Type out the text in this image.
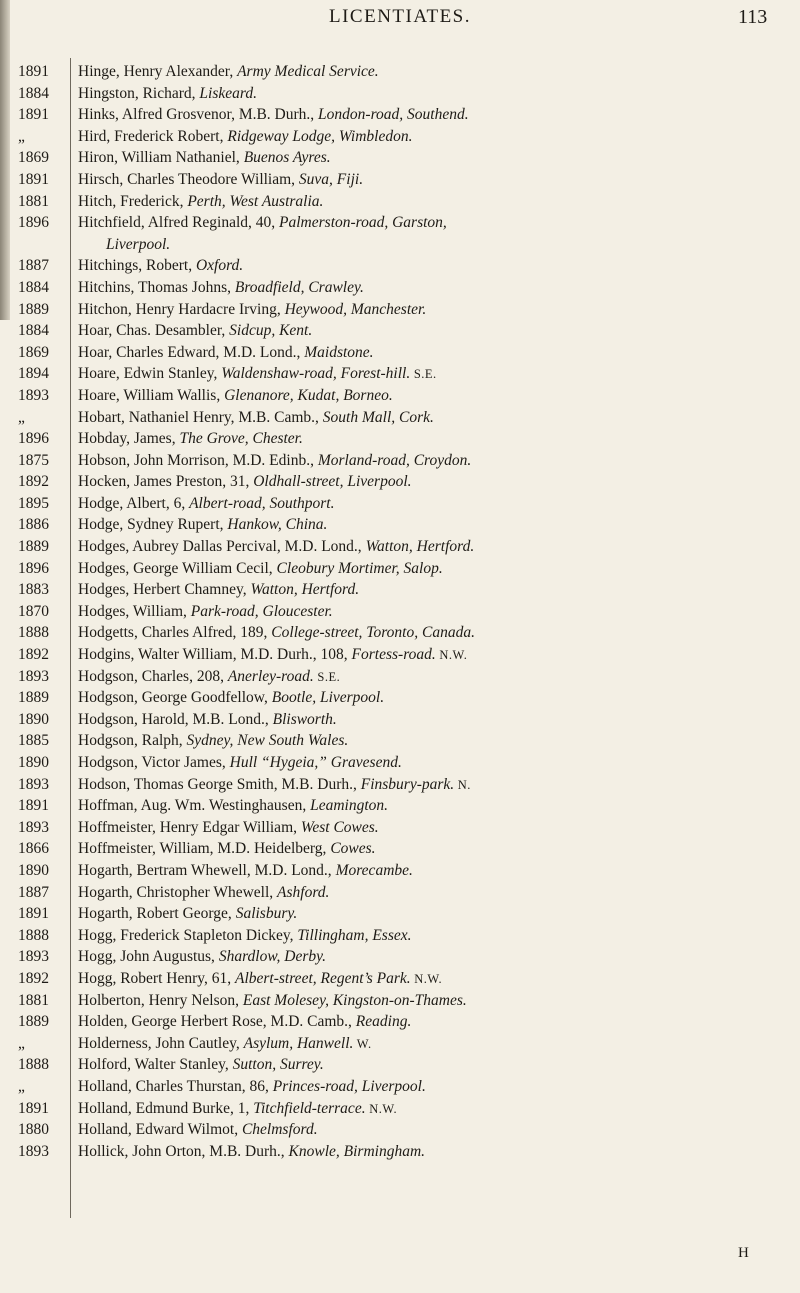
LICENTIATES.	113
1891
1884
1891
„
1869
1891
1881
1896
1887
1884
1889
1884
1869
1894
1893
„
1896
1875
1892
1895
1886
1889
1896
1883
1870
1888
1892
1893
1889
1890
1885
1890
1893
1891
1893
1866
1890
1887
1891
1888
1893
1892
1881
1889
„
1888
„
1891
1880
1893
Hinge, Henry Alexander, Army Medical Service.
Hingston, Richard, Liskeard.
Hinks, Alfred Grosvenor, M.B. Durh., London-road, Southend.
Hird, Frederick Robert, Ridgeway Lodge, Wimbledon.
Hiron, William Nathaniel, Buenos Ayres.
Hirsch, Charles Theodore William, Suva, Fiji.
Hitch, Frederick, Perth, West Australia.
Hitchfield, Alfred Reginald, 40, Palmerston-road, Garston,
Liverpool.
Hitchings, Robert, Oxford.
Hitchins, Thomas Johns, Broadfield, Crawley.
Hitchon, Henry Hardacre Irving, Heywood, Manchester.
Hoar, Chas. Desambler, Sidcup, Kent.
Hoar, Charles Edward, M.D. Lond., Maidstone.
Hoare, Edwin Stanley, Waldenshaw-road, Forest-hill. S.E.
Hoare, William Wallis, Glenanore, Kudat, Borneo.
Hobart, Nathaniel Henry, M.B. Camb., South Mall, Cork.
Hobday, James, The Grove, Chester.
Hobson, John Morrison, M.D. Edinb., Morland-road, Croydon.
Hocken, James Preston, 31, Oldhall-street, Liverpool.
Hodge, Albert, 6, Albert-road, Southport.
Hodge, Sydney Rupert, Hankow, China.
Hodges, Aubrey Dallas Percival, M.D. Lond., Watton, Hertford.
Hodges, George William Cecil, Cleobury Mortimer, Salop.
Hodges, Herbert Chamney, Watton, Hertford.
Hodges, William, Park-road, Gloucester.
Hodgetts, Charles Alfred, 189, College-street, Toronto, Canada.
Hodgins, Walter William, M.D. Durh., 108, Fortess-road. N.W.
Hodgson, Charles, 208, Anerley-road. S.E.
Hodgson, George Goodfellow, Bootle, Liverpool.
Hodgson, Harold, M.B. Lond., Blisworth.
Hodgson, Ralph, Sydney, New South Wales.
Hodgson, Victor James, Hull “Hygeia,” Gravesend.
Hodson, Thomas George Smith, M.B. Durh., Finsbury-park. N.
Hoffman, Aug. Wm. Westinghausen, Leamington.
Hoffmeister, Henry Edgar William, West Cowes.
Hoffmeister, William, M.D. Heidelberg, Cowes.
Hogarth, Bertram Whewell, M.D. Lond., Morecambe.
Hogarth, Christopher Whewell, Ashford.
Hogarth, Robert George, Salisbury.
Hogg, Frederick Stapleton Dickey, Tillingham, Essex.
Hogg, John Augustus, Shardlow, Derby.
Hogg, Robert Henry, 61, Albert-street, Regent’s Park. N.W.
Holberton, Henry Nelson, East Molesey, Kingston-on-Thames.
Holden, George Herbert Rose, M.D. Camb., Reading.
Holderness, John Cautley, Asylum, Hanwell. W.
Holford, Walter Stanley, Sutton, Surrey.
Holland, Charles Thurstan, 86, Princes-road, Liverpool.
Holland, Edmund Burke, 1, Titchfield-terrace. N.W.
Holland, Edward Wilmot, Chelmsford.
Hollick, John Orton, M.B. Durh., Knowle, Birmingham.
H
